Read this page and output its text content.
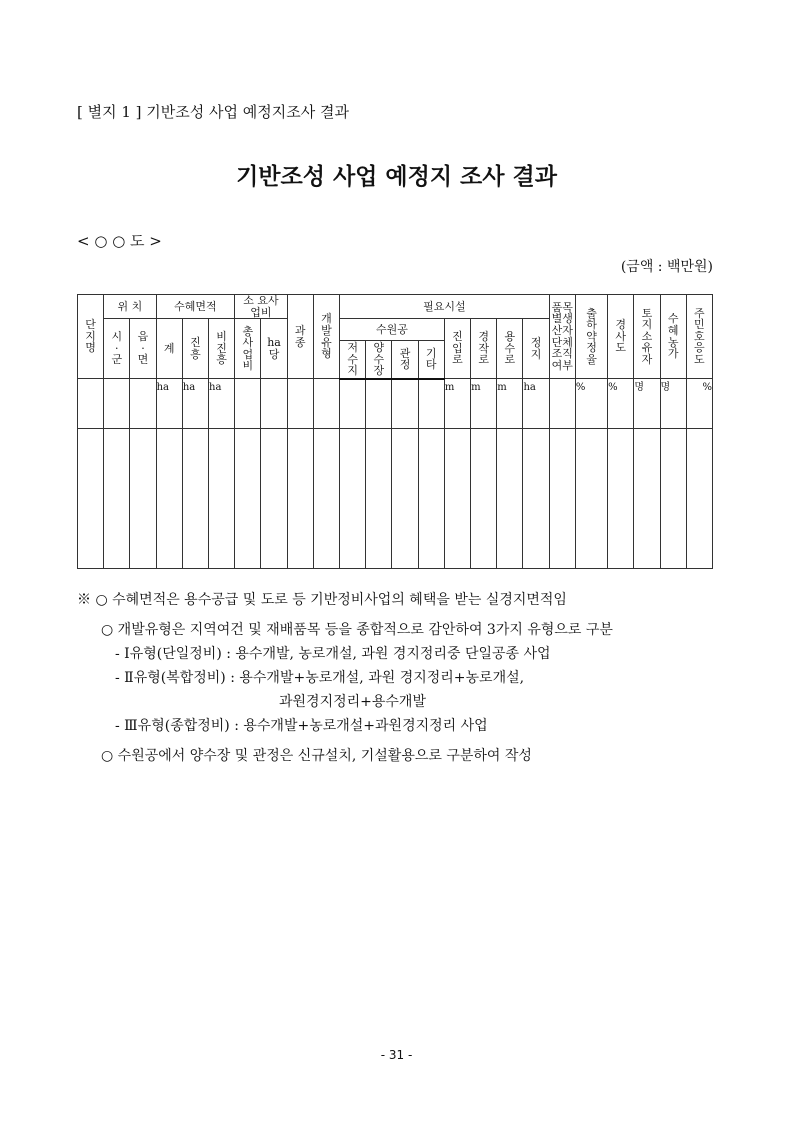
[ 별지 1 ] 기반조성 사업 예정지조사 결과
기반조성 사업 예정지 조사 결과
< ○ ○ 도 >
(금액 : 백만원)
단지명	위 치		수혜면적			소 요사업비		과종	개발유형	필요시설								품목별생산자단체조직여부	출하약정율	경사도	토지소유자	수혜농가	주민호응도

	시·군	읍·면	계	진흥	비진흥	총사업비	ha당			수원공				진입로	경작로	용수로	정지						

										저수지	양수장	관정	기타										

			ha	ha	ha									m	m	m	ha		%	%	명	명	%

※ ○ 수혜면적은 용수공급 및 도로 등 기반정비사업의 혜택을 받는 실경지면적임
○ 개발유형은 지역여건 및 재배품목 등을 종합적으로 감안하여 3가지 유형으로 구분
- Ⅰ유형(단일정비) : 용수개발, 농로개설, 과원 경지정리중 단일공종 사업
- Ⅱ유형(복합정비) : 용수개발+농로개설, 과원 경지정리+농로개설,
과원경지정리+용수개발
- Ⅲ유형(종합정비) : 용수개발+농로개설+과원경지정리 사업
○ 수원공에서 양수장 및 관정은 신규설치, 기설활용으로 구분하여 작성
- 31 -
